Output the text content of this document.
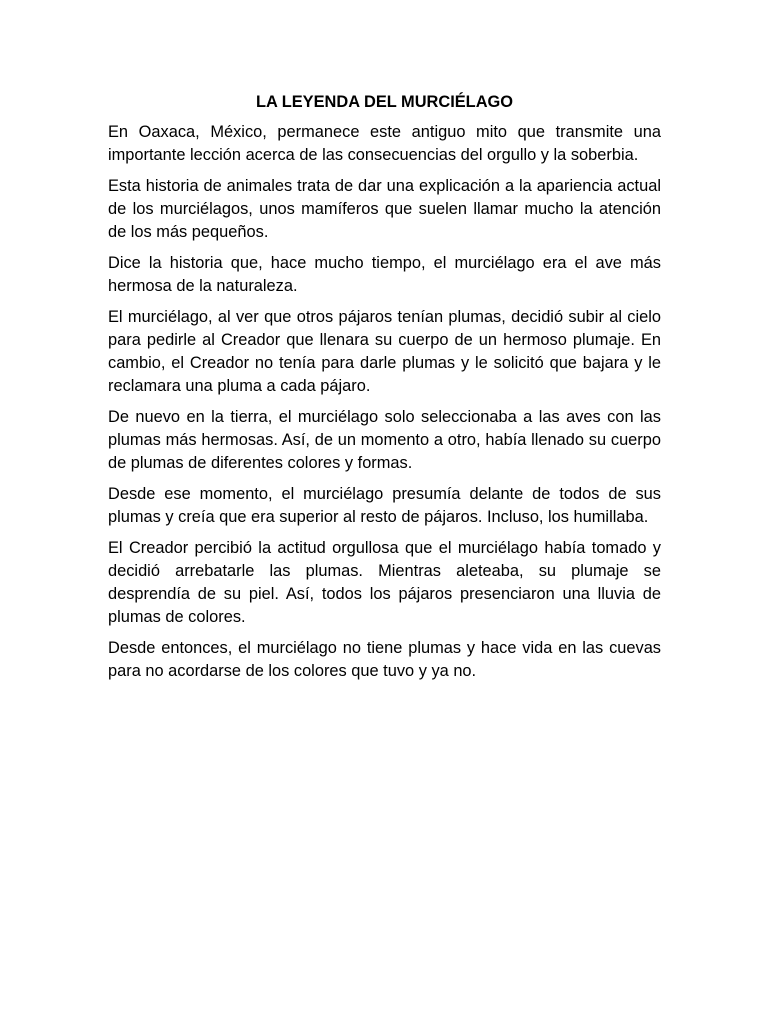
LA LEYENDA DEL MURCIÉLAGO

En Oaxaca, México, permanece este antiguo mito que transmite una importante lección acerca de las consecuencias del orgullo y la soberbia.

Esta historia de animales trata de dar una explicación a la apariencia actual de los murciélagos, unos mamíferos que suelen llamar mucho la atención de los más pequeños.

Dice la historia que, hace mucho tiempo, el murciélago era el ave más hermosa de la naturaleza.

El murciélago, al ver que otros pájaros tenían plumas, decidió subir al cielo para pedirle al Creador que llenara su cuerpo de un hermoso plumaje. En cambio, el Creador no tenía para darle plumas y le solicitó que bajara y le reclamara una pluma a cada pájaro.

De nuevo en la tierra, el murciélago solo seleccionaba a las aves con las plumas más hermosas. Así, de un momento a otro, había llenado su cuerpo de plumas de diferentes colores y formas.

Desde ese momento, el murciélago presumía delante de todos de sus plumas y creía que era superior al resto de pájaros. Incluso, los humillaba.

El Creador percibió la actitud orgullosa que el murciélago había tomado y decidió arrebatarle las plumas. Mientras aleteaba, su plumaje se desprendía de su piel. Así, todos los pájaros presenciaron una lluvia de plumas de colores.

Desde entonces, el murciélago no tiene plumas y hace vida en las cuevas para no acordarse de los colores que tuvo y ya no.
